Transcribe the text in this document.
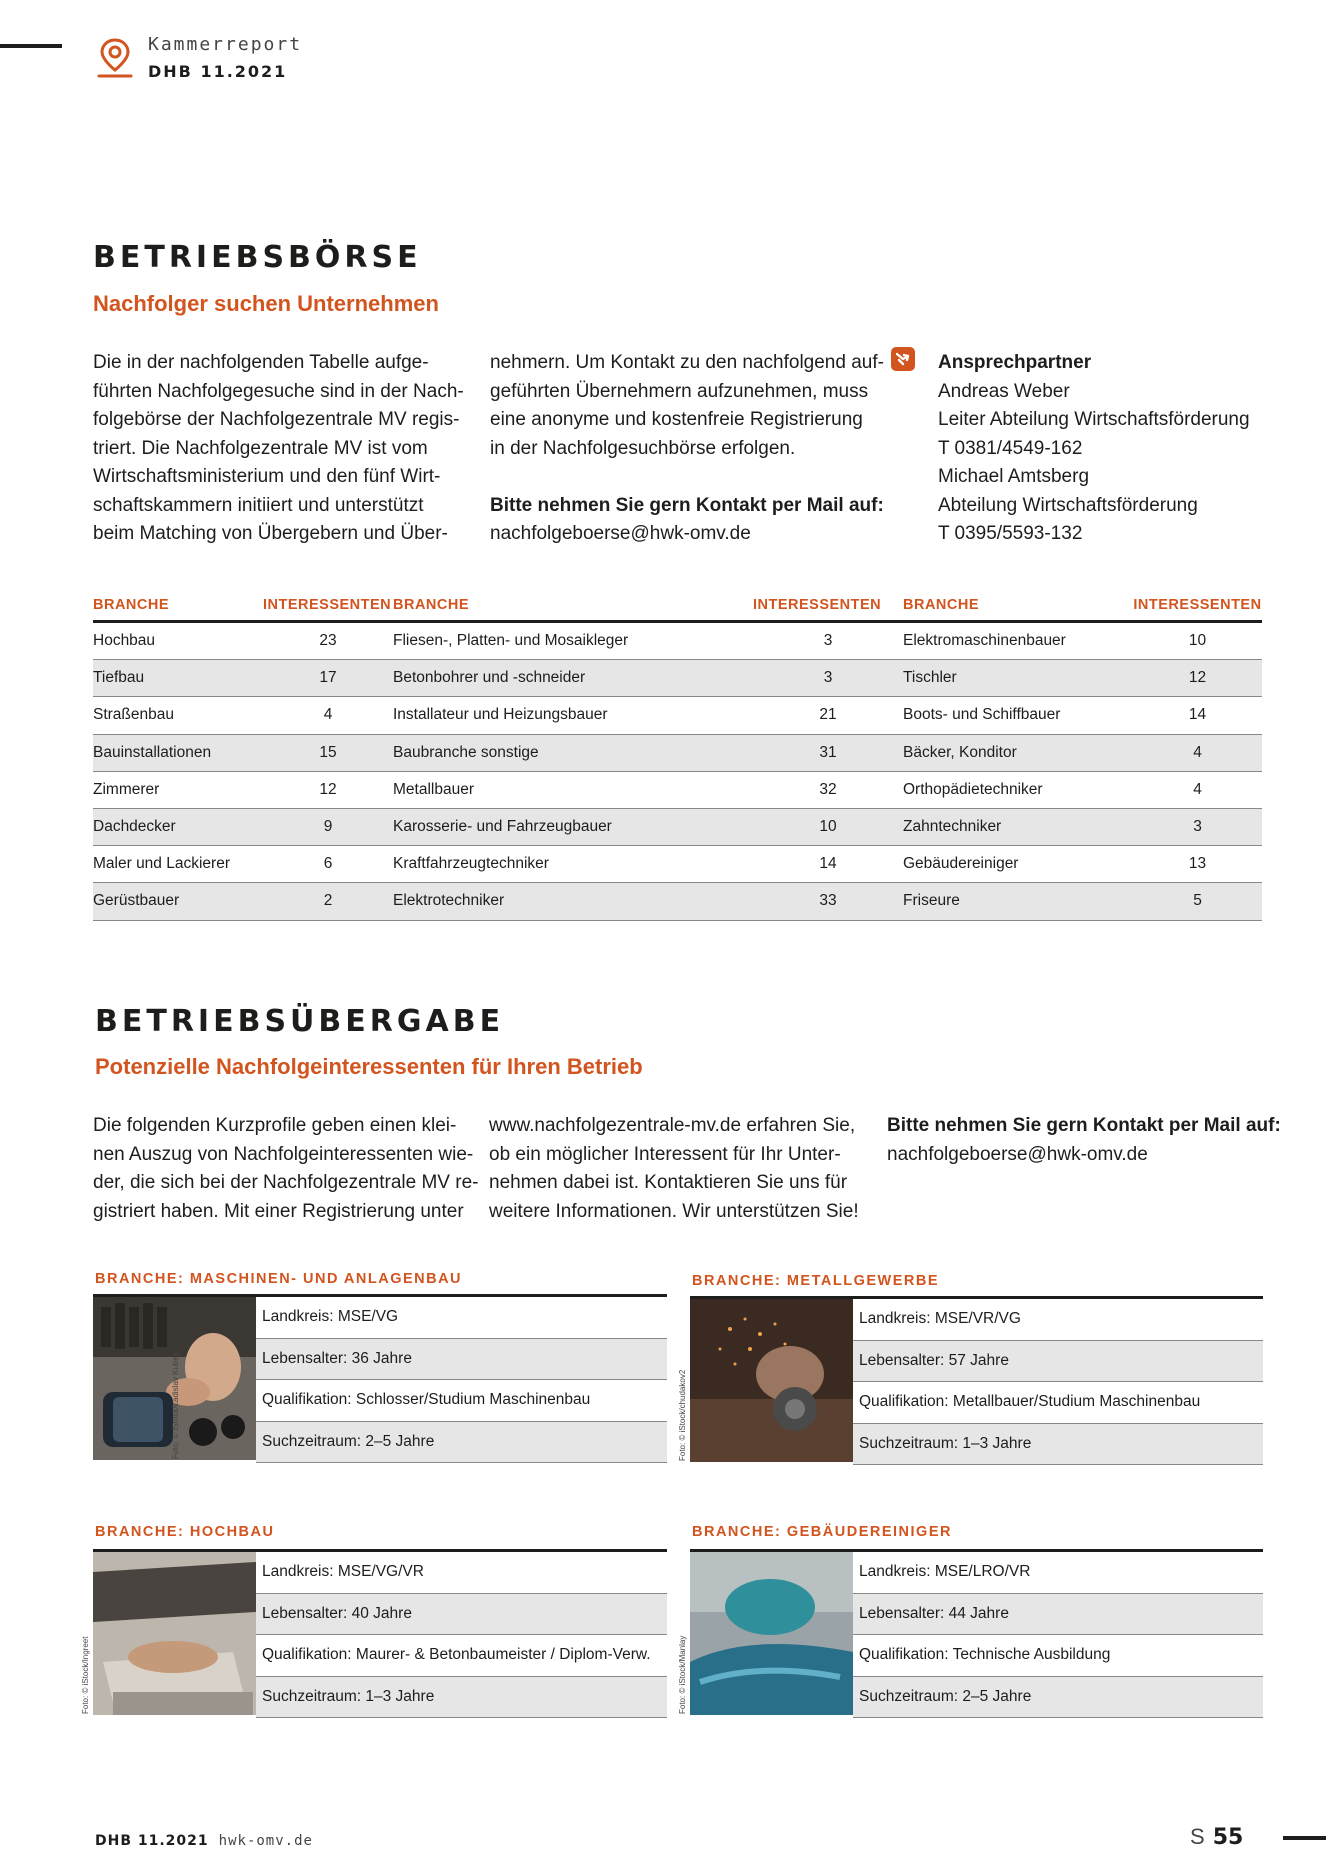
Kammerreport
DHB 11.2021
BETRIEBSBÖRSE
Nachfolger suchen Unternehmen

Die in der nachfolgenden Tabelle aufge-

führten Nachfolgegesuche sind in der Nach-

folgebörse der Nachfolgezentrale MV regis-

triert. Die Nachfolgezentrale MV ist vom

Wirtschaftsministerium und den fünf Wirt-

schaftskammern initiiert und unterstützt

beim Matching von Übergebern und Über-

nehmern. Um Kontakt zu den nachfolgend auf-

geführten Übernehmern aufzunehmen, muss

eine anonyme und kostenfreie Registrierung

in der Nachfolgesuchbörse erfolgen.

Bitte nehmen Sie gern Kontakt per Mail auf:

nachfolgeboerse@hwk-omv.de

Ansprechpartner

Andreas Weber

Leiter Abteilung Wirtschaftsförderung

T 0381/4549-162

Michael Amtsberg

Abteilung Wirtschaftsförderung

T 0395/5593-132

BRANCHE	INTERESSENTEN	BRANCHE	INTERESSENTEN	BRANCHE	INTERESSENTEN
Hochbau	23	Fliesen-, Platten- und Mosaikleger	3	Elektromaschinenbauer	10
Tiefbau	17	Betonbohrer und -schneider	3	Tischler	12
Straßenbau	4	Installateur und Heizungsbauer	21	Boots- und Schiffbauer	14
Bauinstallationen	15	Baubranche sonstige	31	Bäcker, Konditor	4
Zimmerer	12	Metallbauer	32	Orthopädietechniker	4
Dachdecker	9	Karosserie- und Fahrzeugbauer	10	Zahntechniker	3
Maler und Lackierer	6	Kraftfahrzeugtechniker	14	Gebäudereiniger	13
Gerüstbauer	2	Elektrotechniker	33	Friseure	5
BETRIEBSÜBERGABE
Potenzielle Nachfolgeinteressenten für Ihren Betrieb

Die folgenden Kurzprofile geben einen klei-

nen Auszug von Nachfolgeinteressenten wie-

der, die sich bei der Nachfolgezentrale MV re-

gistriert haben. Mit einer Registrierung unter

www.nachfolgezentrale-mv.de erfahren Sie,

ob ein möglicher Interessent für Ihr Unter-

nehmen dabei ist. Kontaktieren Sie uns für

weitere Informationen. Wir unterstützen Sie!

Bitte nehmen Sie gern Kontakt per Mail auf:

nachfolgeboerse@hwk-omv.de

BRANCHE: MASCHINEN- UND ANLAGENBAU
Foto: © iStock/Ladislav Kubeš
Landkreis: MSE/VG
Lebensalter: 36 Jahre
Qualifikation: Schlosser/Studium Maschinenbau
Suchzeitraum: 2–5 Jahre
BRANCHE: METALLGEWERBE
Foto: © iStock/chudakov2
Landkreis: MSE/VR/VG
Lebensalter: 57 Jahre
Qualifikation: Metallbauer/Studium Maschinenbau
Suchzeitraum: 1–3 Jahre
BRANCHE: HOCHBAU
Foto: © iStock/Ingreet
Landkreis: MSE/VG/VR
Lebensalter: 40 Jahre
Qualifikation: Maurer- & Betonbaumeister / Diplom-Verw.
Suchzeitraum: 1–3 Jahre
BRANCHE: GEBÄUDEREINIGER
Foto: © iStock/Manlay
Landkreis: MSE/LRO/VR
Lebensalter: 44 Jahre
Qualifikation: Technische Ausbildung
Suchzeitraum: 2–5 Jahre
DHB 11.2021 hwk-omv.de	S 55
